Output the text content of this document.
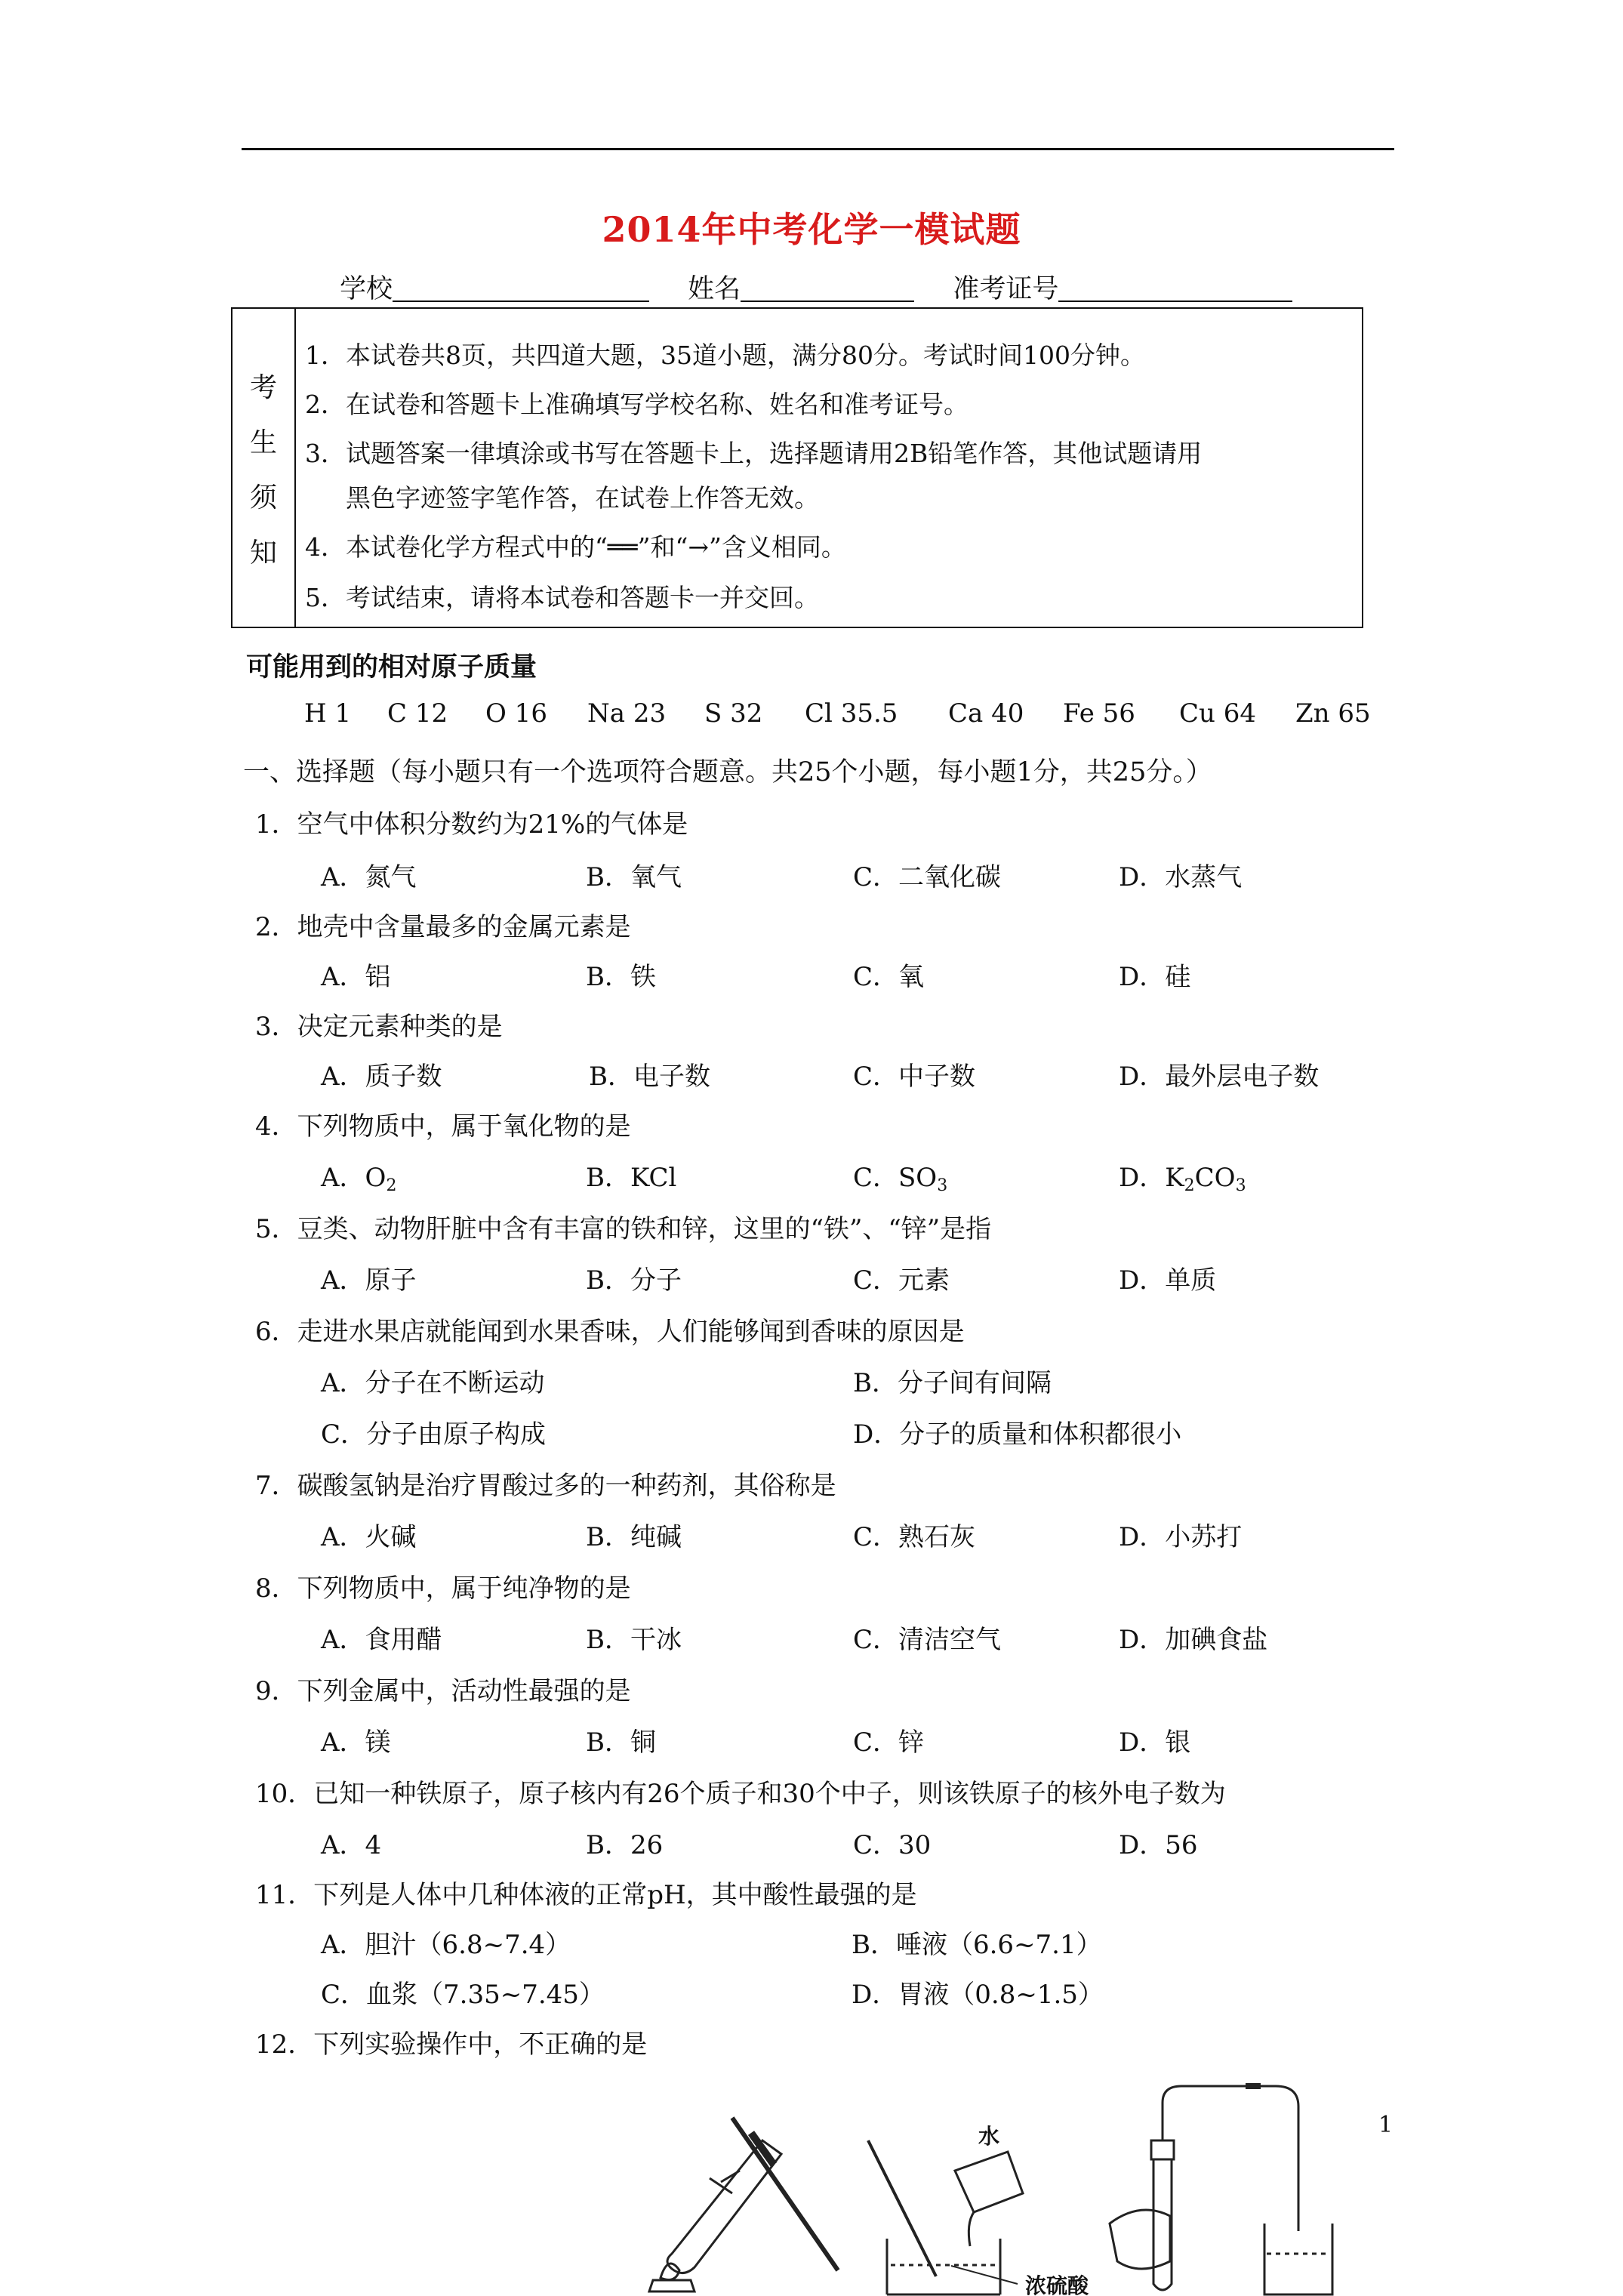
2014年中考化学一模试题
学校	姓名	准考证号
考
生
须
知
1．本试卷共8页，共四道大题，35道小题，满分80分。考试时间100分钟。
2．在试卷和答题卡上准确填写学校名称、姓名和准考证号。
3．试题答案一律填涂或书写在答题卡上，选择题请用2B铅笔作答，其他试题请用
黑色字迹签字笔作答，在试卷上作答无效。
4．本试卷化学方程式中的“══”和“→”含义相同。
5．考试结束，请将本试卷和答题卡一并交回。
可能用到的相对原子质量
H 1 C 12 O 16 Na 23 S 32 Cl 35.5 Ca 40 Fe 56 Cu 64 Zn 65
一、选择题（每小题只有一个选项符合题意。共25个小题，每小题1分，共25分。）
1．空气中体积分数约为21%的气体是
A．氮气	B．氧气	C．二氧化碳	D．水蒸气
2．地壳中含量最多的金属元素是
A．铝	B．铁	C．氧	D．硅
3．决定元素种类的是
A．质子数	B．电子数	C．中子数	D．最外层电子数
4．下列物质中，属于氧化物的是
A．$O_2$	B．KCl	C．$SO_3$	D．$K_2CO_3$
5．豆类、动物肝脏中含有丰富的铁和锌，这里的“铁”、“锌”是指
A．原子	B．分子	C．元素	D．单质
6．走进水果店就能闻到水果香味，人们能够闻到香味的原因是
A．分子在不断运动	B．分子间有间隔
C．分子由原子构成	D．分子的质量和体积都很小
7．碳酸氢钠是治疗胃酸过多的一种药剂，其俗称是
A．火碱	B．纯碱	C．熟石灰	D．小苏打
8．下列物质中，属于纯净物的是
A．食用醋	B．干冰	C．清洁空气	D．加碘食盐
9．下列金属中，活动性最强的是
A．镁	B．铜	C．锌	D．银
10．已知一种铁原子，原子核内有26个质子和30个中子，则该铁原子的核外电子数为
A．4	B．26	C．30	D．56
11．下列是人体中几种体液的正常pH，其中酸性最强的是
A．胆汁（6.8~7.4）	B．唾液（6.6~7.1）
C．血浆（7.35~7.45）	D．胃液（0.8~1.5）
12．下列实验操作中，不正确的是
水
浓硫酸
1
